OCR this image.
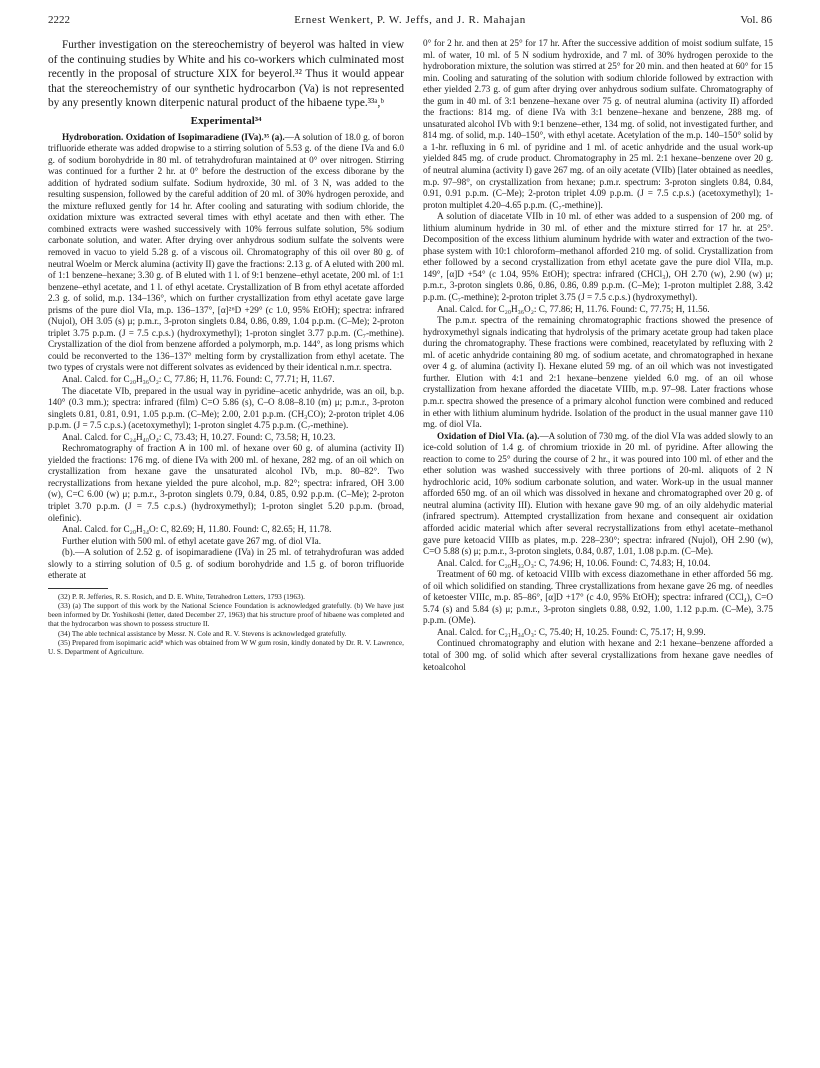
2222	Ernest Wenkert, P. W. Jeffs, and J. R. Mahajan	Vol. 86

Further investigation on the stereochemistry of beyerol was halted in view of the continuing studies by White and his co-workers which culminated most recently in the proposal of structure XIX for beyerol.³² Thus it would appear that the stereochemistry of our synthetic hydrocarbon (Va) is not represented by any presently known diterpenic natural product of the hibaene type.³³ᵃ,ᵇ

Experimental³⁴

Hydroboration. Oxidation of Isopimaradiene (IVa).³⁵ (a).—A solution of 18.0 g. of boron trifluoride etherate was added dropwise to a stirring solution of 5.53 g. of the diene IVa and 6.0 g. of sodium borohydride in 80 ml. of tetrahydrofuran maintained at 0° over nitrogen. Stirring was continued for a further 2 hr. at 0° before the destruction of the excess diborane by the addition of hydrated sodium sulfate. Sodium hydroxide, 30 ml. of 3 N, was added to the resulting suspension, followed by the careful addition of 20 ml. of 30% hydrogen peroxide, and the mixture refluxed gently for 14 hr. After cooling and saturating with sodium chloride, the oxidation mixture was extracted several times with ethyl acetate and then with ether. The combined extracts were washed successively with 10% ferrous sulfate solution, 5% sodium carbonate solution, and water. After drying over anhydrous sodium sulfate the solvents were removed in vacuo to yield 5.28 g. of a viscous oil. Chromatography of this oil over 80 g. of neutral Woelm or Merck alumina (activity II) gave the fractions: 2.13 g. of A eluted with 200 ml. of 1:1 benzene–hexane; 3.30 g. of B eluted with 1 l. of 9:1 benzene–ethyl acetate, 200 ml. of 1:1 benzene–ethyl acetate, and 1 l. of ethyl acetate. Crystallization of B from ethyl acetate afforded 2.3 g. of solid, m.p. 134–136°, which on further crystallization from ethyl acetate gave large prisms of the pure diol VIa, m.p. 136–137°, [α]²⁶D +29° (c 1.0, 95% EtOH); spectra: infrared (Nujol), OH 3.05 (s) μ; p.m.r., 3-proton singlets 0.84, 0.86, 0.89, 1.04 p.p.m. (C–Me); 2-proton triplet 3.75 p.p.m. (J = 7.5 c.p.s.) (hydroxymethyl); 1-proton singlet 3.77 p.p.m. (C₇-methine). Crystallization of the diol from benzene afforded a polymorph, m.p. 144°, as long prisms which could be reconverted to the 136–137° melting form by crystallization from ethyl acetate. The two types of crystals were not different solvates as evidenced by their identical n.m.r. spectra.

Anal. Calcd. for C₂₀H₃₆O₂: C, 77.86; H, 11.76. Found: C, 77.71; H, 11.67.

The diacetate VIb, prepared in the usual way in pyridine–acetic anhydride, was an oil, b.p. 140° (0.3 mm.); spectra: infrared (film) C=O 5.86 (s), C–O 8.08–8.10 (m) μ; p.m.r., 3-proton singlets 0.81, 0.81, 0.91, 1.05 p.p.m. (C–Me); 2.00, 2.01 p.p.m. (CH₃CO); 2-proton triplet 4.06 p.p.m. (J = 7.5 c.p.s.) (acetoxymethyl); 1-proton singlet 4.75 p.p.m. (C₇-methine).

Anal. Calcd. for C₂₄H₄₀O₄: C, 73.43; H, 10.27. Found: C, 73.58; H, 10.23.

Rechromatography of fraction A in 100 ml. of hexane over 60 g. of alumina (activity II) yielded the fractions: 176 mg. of diene IVa with 200 ml. of hexane, 282 mg. of an oil which on crystallization from hexane gave the unsaturated alcohol IVb, m.p. 80–82°. Two recrystallizations from hexane yielded the pure alcohol, m.p. 82°; spectra: infrared, OH 3.00 (w), C=C 6.00 (w) μ; p.m.r., 3-proton singlets 0.79, 0.84, 0.85, 0.92 p.p.m. (C–Me); 2-proton triplet 3.70 p.p.m. (J = 7.5 c.p.s.) (hydroxymethyl); 1-proton singlet 5.20 p.p.m. (broad, olefinic).

Anal. Calcd. for C₂₀H₃₄O: C, 82.69; H, 11.80. Found: C, 82.65; H, 11.78.

Further elution with 500 ml. of ethyl acetate gave 267 mg. of diol VIa.

(b).—A solution of 2.52 g. of isopimaradiene (IVa) in 25 ml. of tetrahydrofuran was added slowly to a stirring solution of 0.5 g. of sodium borohydride and 1.5 g. of boron trifluoride etherate at

(32) P. R. Jefferies, R. S. Rosich, and D. E. White, Tetrahedron Letters, 1793 (1963).

(33) (a) The support of this work by the National Science Foundation is acknowledged gratefully. (b) We have just been informed by Dr. Yoshikoshi (letter, dated December 27, 1963) that his structure proof of hibaene was completed and that the hydrocarbon was shown to possess structure II.

(34) The able technical assistance by Messr. N. Cole and R. V. Stevens is acknowledged gratefully.

(35) Prepared from isopimaric acid⁸ which was obtained from W W gum rosin, kindly donated by Dr. R. V. Lawrence, U. S. Department of Agriculture.

0° for 2 hr. and then at 25° for 17 hr. After the successive addition of moist sodium sulfate, 15 ml. of water, 10 ml. of 5 N sodium hydroxide, and 7 ml. of 30% hydrogen peroxide to the hydroboration mixture, the solution was stirred at 25° for 20 min. and then heated at 60° for 15 min. Cooling and saturating of the solution with sodium chloride followed by extraction with ether yielded 2.73 g. of gum after drying over anhydrous sodium sulfate. Chromatography of the gum in 40 ml. of 3:1 benzene–hexane over 75 g. of neutral alumina (activity II) afforded the fractions: 814 mg. of diene IVa with 3:1 benzene–hexane and benzene, 288 mg. of unsaturated alcohol IVb with 9:1 benzene–ether, 134 mg. of solid, not investigated further, and 814 mg. of solid, m.p. 140–150°, with ethyl acetate. Acetylation of the m.p. 140–150° solid by a 1-hr. refluxing in 6 ml. of pyridine and 1 ml. of acetic anhydride and the usual work-up yielded 845 mg. of crude product. Chromatography in 25 ml. 2:1 hexane–benzene over 20 g. of neutral alumina (activity I) gave 267 mg. of an oily acetate (VIIb) [later obtained as needles, m.p. 97–98°, on crystallization from hexane; p.m.r. spectrum: 3-proton singlets 0.84, 0.84, 0.91, 0.91 p.p.m. (C–Me); 2-proton triplet 4.09 p.p.m. (J = 7.5 c.p.s.) (acetoxymethyl); 1-proton multiplet 4.20–4.65 p.p.m. (C₇-methine)].

A solution of diacetate VIIb in 10 ml. of ether was added to a suspension of 200 mg. of lithium aluminum hydride in 30 ml. of ether and the mixture stirred for 17 hr. at 25°. Decomposition of the excess lithium aluminum hydride with water and extraction of the two-phase system with 10:1 chloroform–methanol afforded 210 mg. of solid. Crystallization from ether followed by a second crystallization from ethyl acetate gave the pure diol VIIa, m.p. 149°, [α]D +54° (c 1.04, 95% EtOH); spectra: infrared (CHCl₃), OH 2.70 (w), 2.90 (w) μ; p.m.r., 3-proton singlets 0.86, 0.86, 0.86, 0.89 p.p.m. (C–Me); 1-proton multiplet 2.88, 3.42 p.p.m. (C₇-methine); 2-proton triplet 3.75 (J = 7.5 c.p.s.) (hydroxymethyl).

Anal. Calcd. for C₂₀H₃₆O₂: C, 77.86; H, 11.76. Found: C, 77.75; H, 11.56.

The p.m.r. spectra of the remaining chromatographic fractions showed the presence of hydroxymethyl signals indicating that hydrolysis of the primary acetate group had taken place during the chromatography. These fractions were combined, reacetylated by refluxing with 2 ml. of acetic anhydride containing 80 mg. of sodium acetate, and chromatographed in hexane over 4 g. of alumina (activity I). Hexane eluted 59 mg. of an oil which was not investigated further. Elution with 4:1 and 2:1 hexane–benzene yielded 6.0 mg. of an oil whose crystallization from hexane afforded the diacetate VIIIb, m.p. 97–98. Later fractions whose p.m.r. spectra showed the presence of a primary alcohol function were combined and reduced in ether with lithium aluminum hydride. Isolation of the product in the usual manner gave 110 mg. of diol VIa.

Oxidation of Diol VIa. (a).—A solution of 730 mg. of the diol VIa was added slowly to an ice-cold solution of 1.4 g. of chromium trioxide in 20 ml. of pyridine. After allowing the reaction to come to 25° during the course of 2 hr., it was poured into 100 ml. of ether and the ether solution was washed successively with three portions of 20-ml. aliquots of 2 N hydrochloric acid, 10% sodium carbonate solution, and water. Work-up in the usual manner afforded 650 mg. of an oil which was dissolved in hexane and chromatographed over 20 g. of neutral alumina (activity III). Elution with hexane gave 90 mg. of an oily aldehydic material (infrared spectrum). Attempted crystallization from hexane and consequent air oxidation afforded acidic material which after several recrystallizations from ethyl acetate–methanol gave pure ketoacid VIIIb as plates, m.p. 228–230°; spectra: infrared (Nujol), OH 2.90 (w), C=O 5.88 (s) μ; p.m.r., 3-proton singlets, 0.84, 0.87, 1.01, 1.08 p.p.m. (C–Me).

Anal. Calcd. for C₂₀H₃₂O₃: C, 74.96; H, 10.06. Found: C, 74.83; H, 10.04.

Treatment of 60 mg. of ketoacid VIIIb with excess diazomethane in ether afforded 56 mg. of oil which solidified on standing. Three crystallizations from hexane gave 26 mg. of needles of ketoester VIIIc, m.p. 85–86°, [α]D +17° (c 4.0, 95% EtOH); spectra: infrared (CCl₄), C=O 5.74 (s) and 5.84 (s) μ; p.m.r., 3-proton singlets 0.88, 0.92, 1.00, 1.12 p.p.m. (C–Me), 3.75 p.p.m. (OMe).

Anal. Calcd. for C₂₁H₃₄O₃: C, 75.40; H, 10.25. Found: C, 75.17; H, 9.99.

Continued chromatography and elution with hexane and 2:1 hexane–benzene afforded a total of 300 mg. of solid which after several crystallizations from hexane gave needles of ketoalcohol
